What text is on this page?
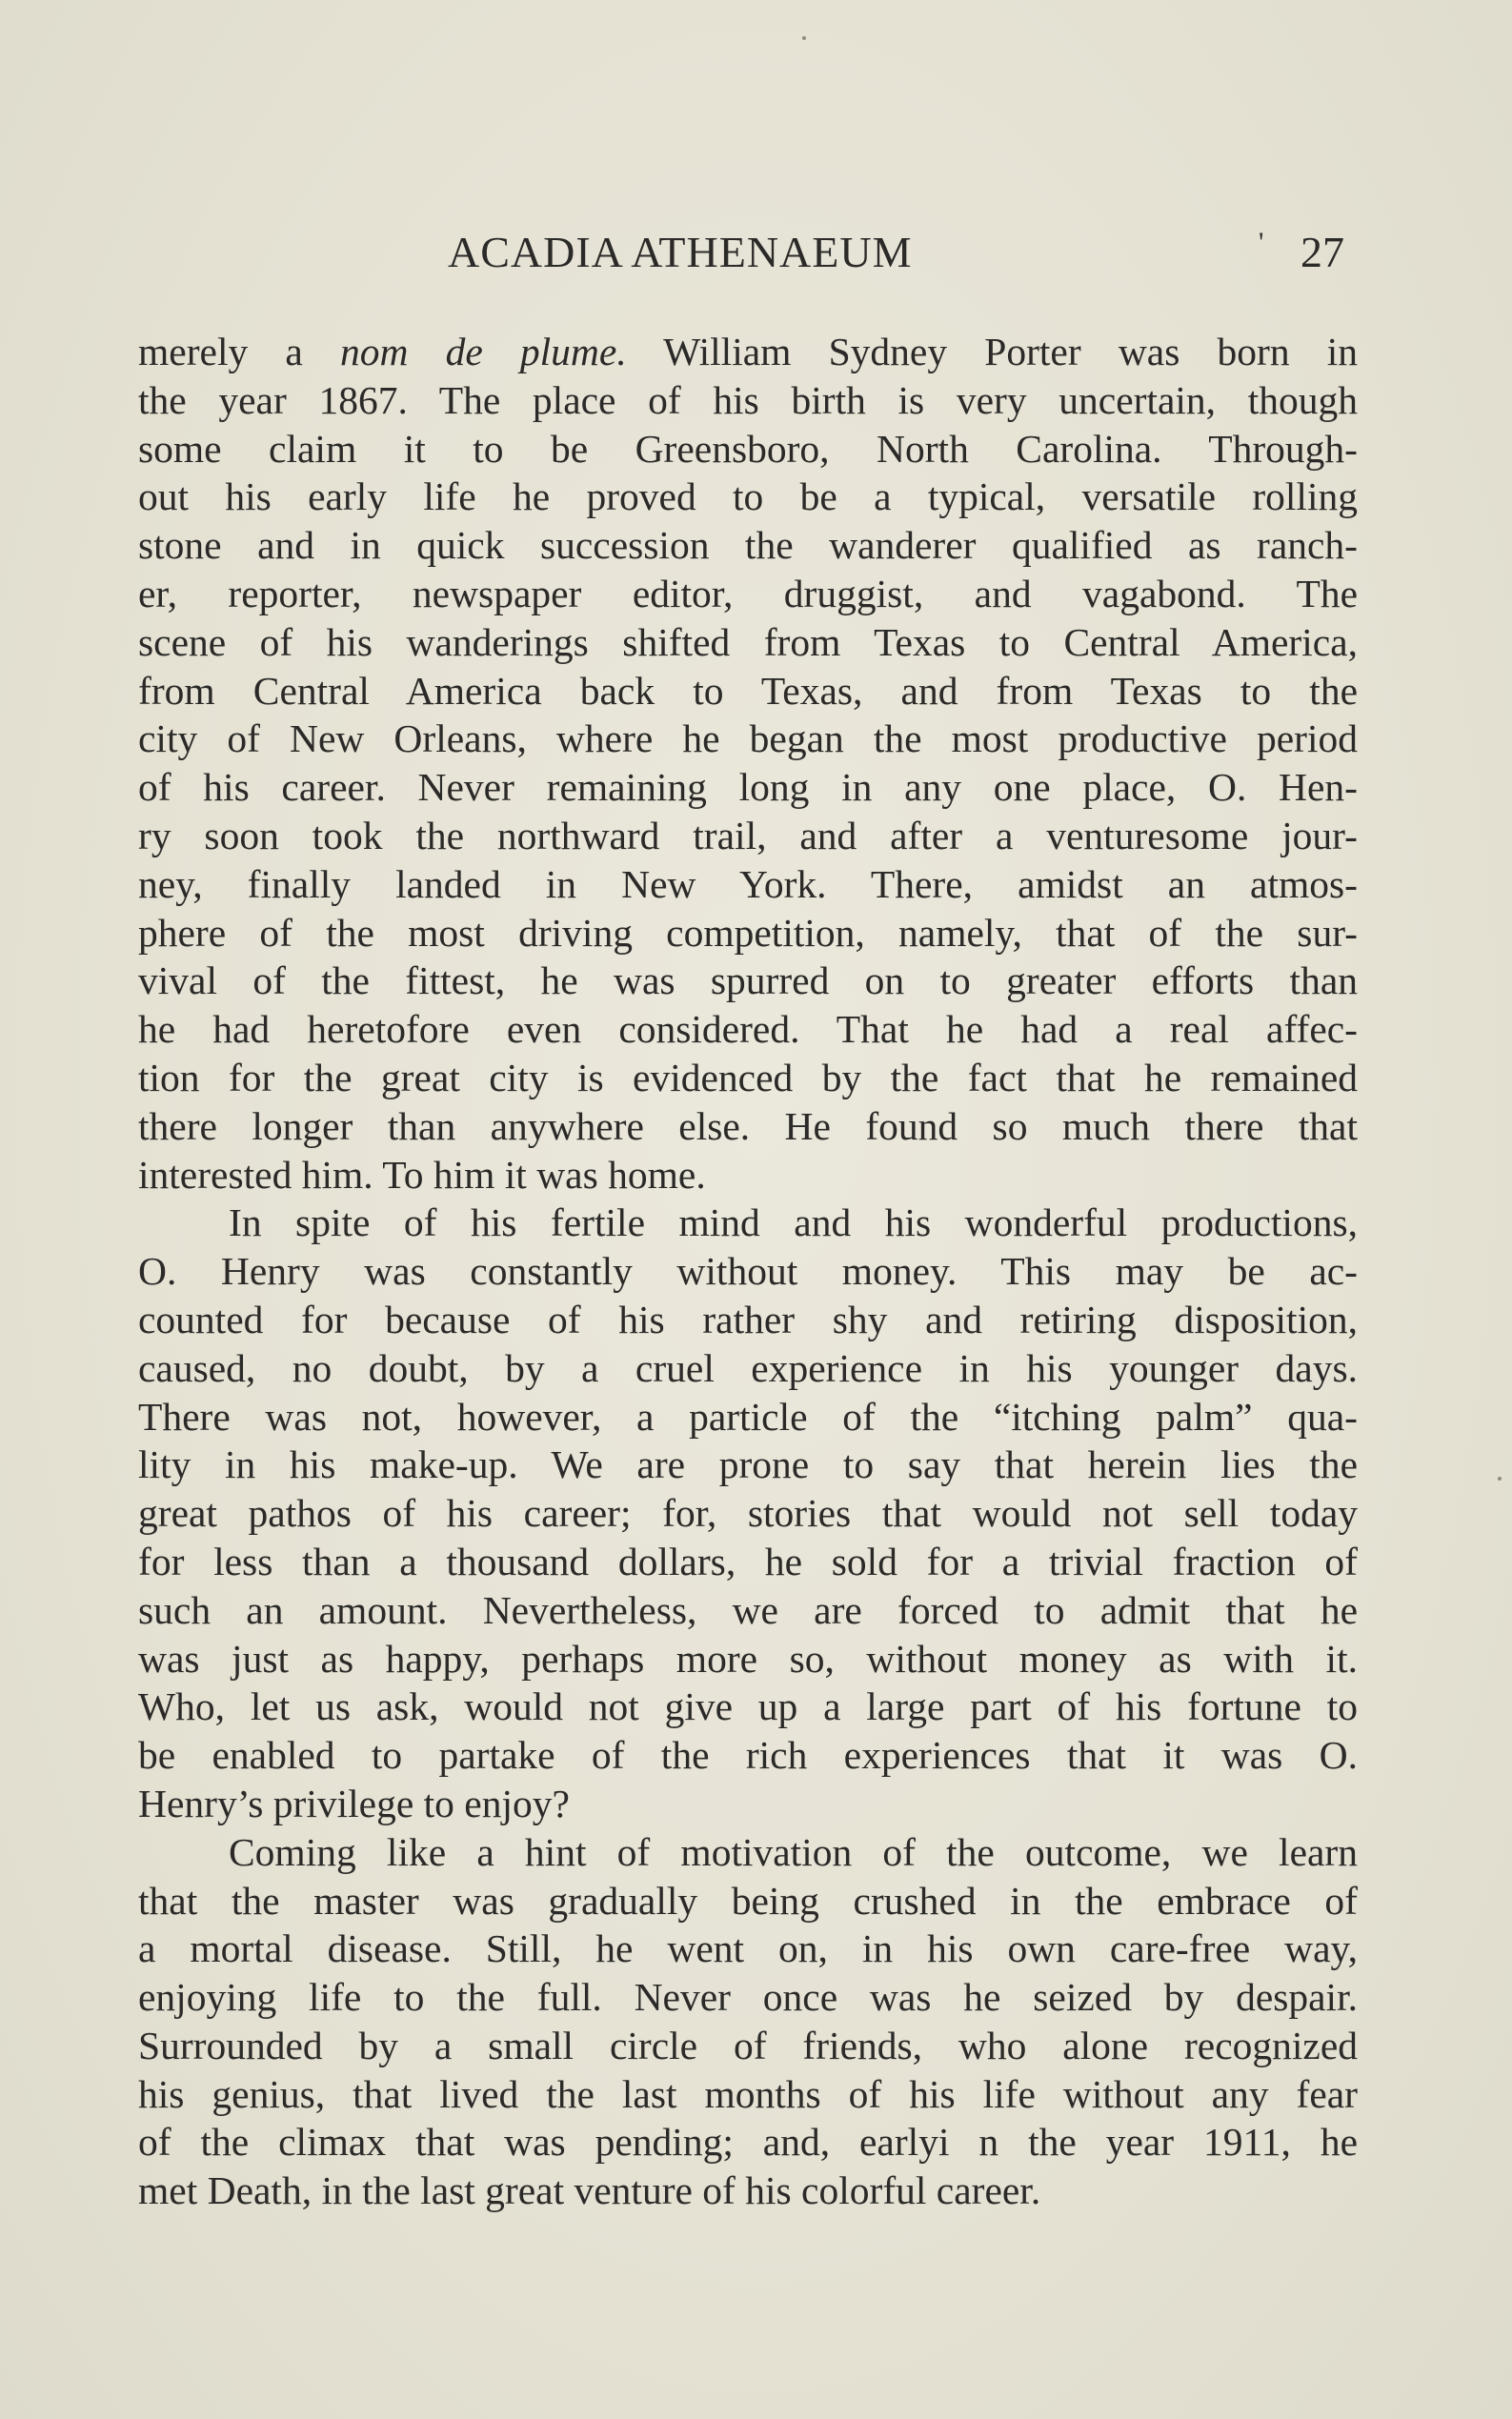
ACADIA ATHENAEUM	' 27

merely a nom de plume. William Sydney Porter was born in
the year 1867. The place of his birth is very uncertain, though
some claim it to be Greensboro, North Carolina. Through-
out his early life he proved to be a typical, versatile rolling
stone and in quick succession the wanderer qualified as ranch-
er, reporter, newspaper editor, druggist, and vagabond. The
scene of his wanderings shifted from Texas to Central America,
from Central America back to Texas, and from Texas to the
city of New Orleans, where he began the most productive period
of his career. Never remaining long in any one place, O. Hen-
ry soon took the northward trail, and after a venturesome jour-
ney, finally landed in New York. There, amidst an atmos-
phere of the most driving competition, namely, that of the sur-
vival of the fittest, he was spurred on to greater efforts than
he had heretofore even considered. That he had a real affec-
tion for the great city is evidenced by the fact that he remained
there longer than anywhere else. He found so much there that
interested him. To him it was home.

In spite of his fertile mind and his wonderful productions,
O. Henry was constantly without money. This may be ac-
counted for because of his rather shy and retiring disposition,
caused, no doubt, by a cruel experience in his younger days.
There was not, however, a particle of the “itching palm” qua-
lity in his make-up. We are prone to say that herein lies the
great pathos of his career; for, stories that would not sell today
for less than a thousand dollars, he sold for a trivial fraction of
such an amount. Nevertheless, we are forced to admit that he
was just as happy, perhaps more so, without money as with it.
Who, let us ask, would not give up a large part of his fortune to
be enabled to partake of the rich experiences that it was O.
Henry’s privilege to enjoy?

Coming like a hint of motivation of the outcome, we learn
that the master was gradually being crushed in the embrace of
a mortal disease. Still, he went on, in his own care-free way,
enjoying life to the full. Never once was he seized by despair.
Surrounded by a small circle of friends, who alone recognized
his genius, that lived the last months of his life without any fear
of the climax that was pending; and, earlyi n the year 1911, he
met Death, in the last great venture of his colorful career.
